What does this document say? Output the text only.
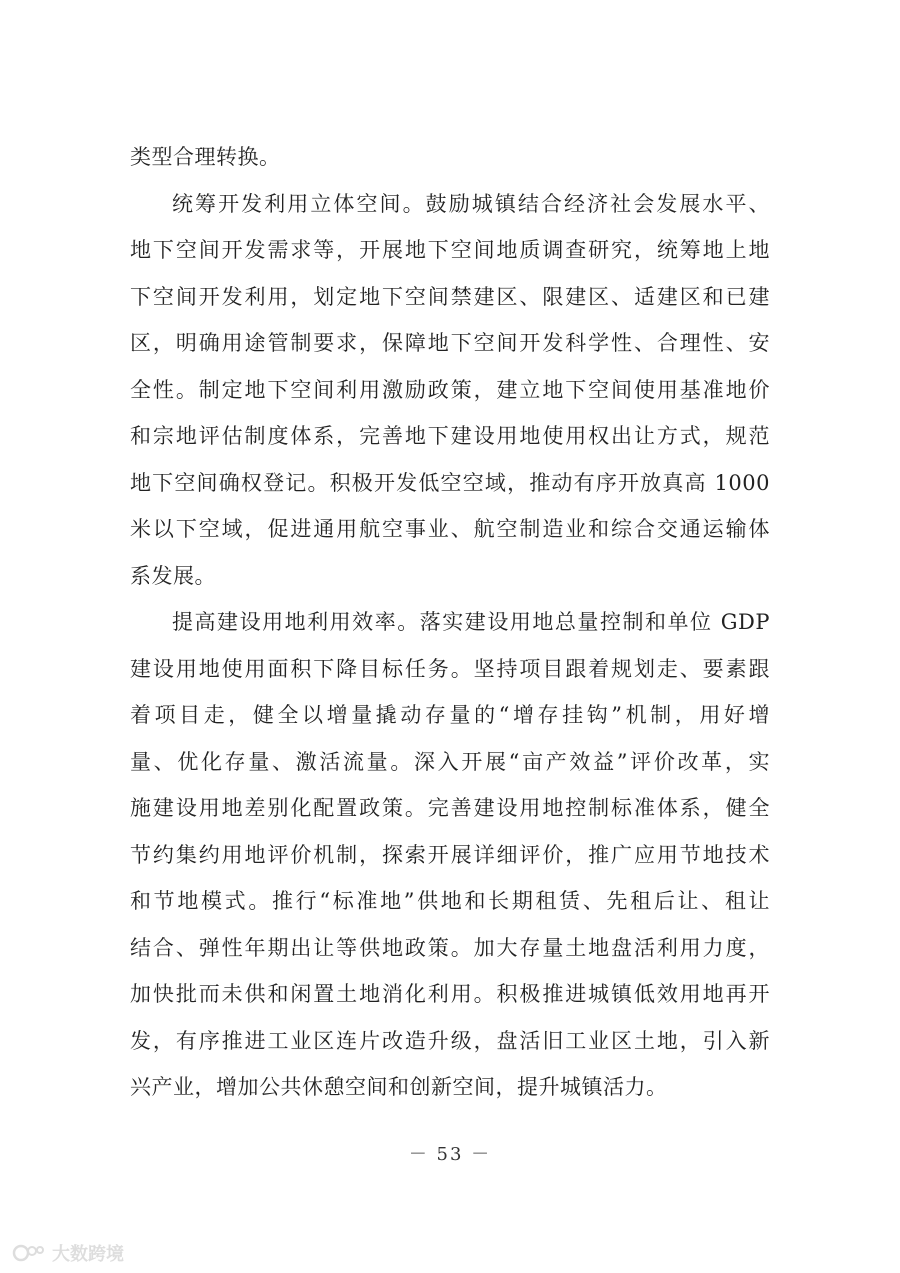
类型合理转换。
统筹开发利用立体空间。鼓励城镇结合经济社会发展水平、
地下空间开发需求等，开展地下空间地质调查研究，统筹地上地
下空间开发利用，划定地下空间禁建区、限建区、适建区和已建
区，明确用途管制要求，保障地下空间开发科学性、合理性、安
全性。制定地下空间利用激励政策，建立地下空间使用基准地价
和宗地评估制度体系，完善地下建设用地使用权出让方式，规范
地下空间确权登记。积极开发低空空域，推动有序开放真高 1000
米以下空域，促进通用航空事业、航空制造业和综合交通运输体
系发展。
提高建设用地利用效率。落实建设用地总量控制和单位 GDP
建设用地使用面积下降目标任务。坚持项目跟着规划走、要素跟
着项目走，健全以增量撬动存量的“增存挂钩”机制，用好增
量、优化存量、激活流量。深入开展“亩产效益”评价改革，实
施建设用地差别化配置政策。完善建设用地控制标准体系，健全
节约集约用地评价机制，探索开展详细评价，推广应用节地技术
和节地模式。推行“标准地”供地和长期租赁、先租后让、租让
结合、弹性年期出让等供地政策。加大存量土地盘活利用力度，
加快批而未供和闲置土地消化利用。积极推进城镇低效用地再开
发，有序推进工业区连片改造升级，盘活旧工业区土地，引入新
兴产业，增加公共休憩空间和创新空间，提升城镇活力。
－ 53 －
大数跨境
